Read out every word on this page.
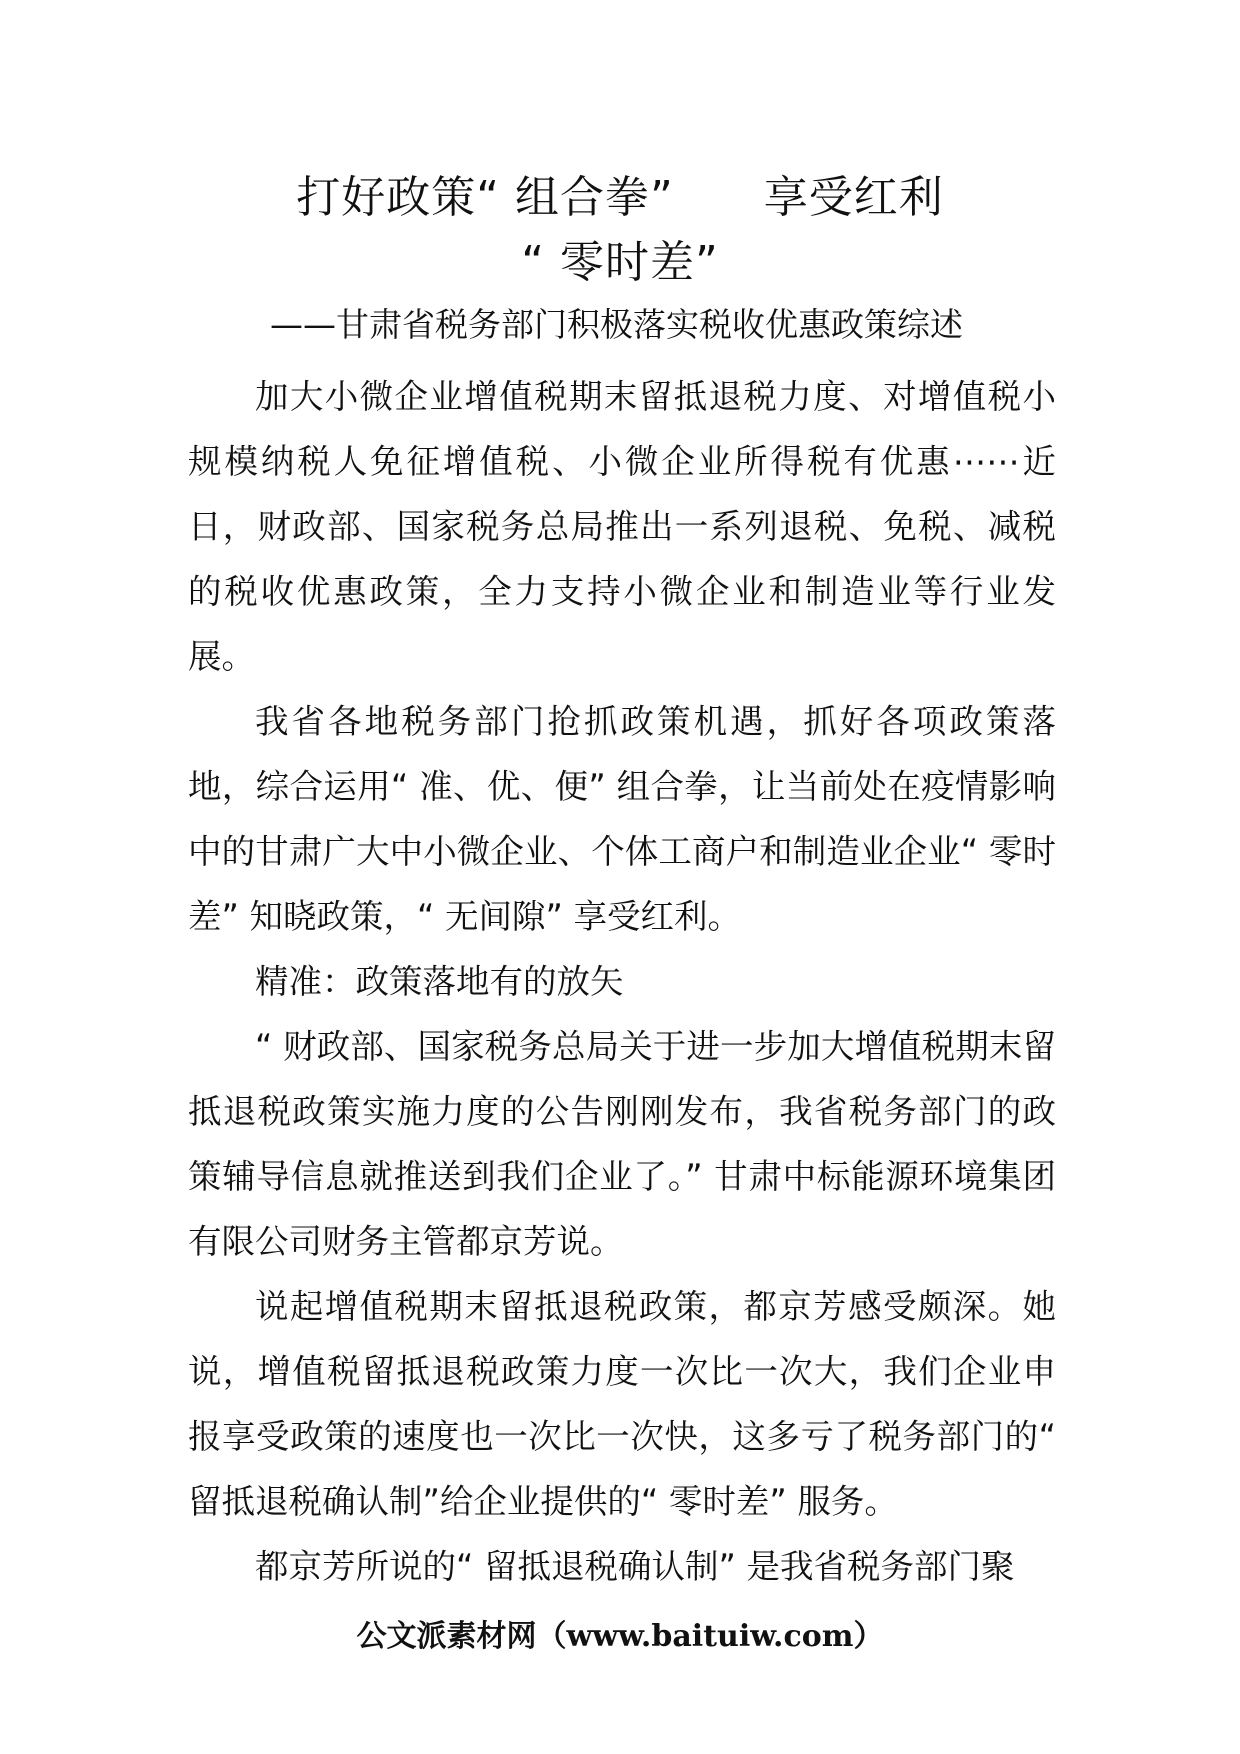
打好政策“ 组合拳”　　享受红利
“ 零时差”

——甘肃省税务部门积极落实税收优惠政策综述

加大小微企业增值税期末留抵退税力度、对增值税小规模纳税人免征增值税、小微企业所得税有优惠⋯⋯近日，财政部、国家税务总局推出一系列退税、免税、减税的税收优惠政策，全力支持小微企业和制造业等行业发展。

我省各地税务部门抢抓政策机遇，抓好各项政策落地，综合运用“ 准、优、便” 组合拳，让当前处在疫情影响中的甘肃广大中小微企业、个体工商户和制造业企业“ 零时差” 知晓政策，“ 无间隙” 享受红利。

精准：政策落地有的放矢

“ 财政部、国家税务总局关于进一步加大增值税期末留抵退税政策实施力度的公告刚刚发布，我省税务部门的政策辅导信息就推送到我们企业了。” 甘肃中标能源环境集团有限公司财务主管都京芳说。

说起增值税期末留抵退税政策，都京芳感受颇深。她说，增值税留抵退税政策力度一次比一次大，我们企业申报享受政策的速度也一次比一次快，这多亏了税务部门的“ 留抵退税确认制”给企业提供的“ 零时差” 服务。

都京芳所说的“ 留抵退税确认制” 是我省税务部门聚

公文派素材网（www.baituiw.com）
